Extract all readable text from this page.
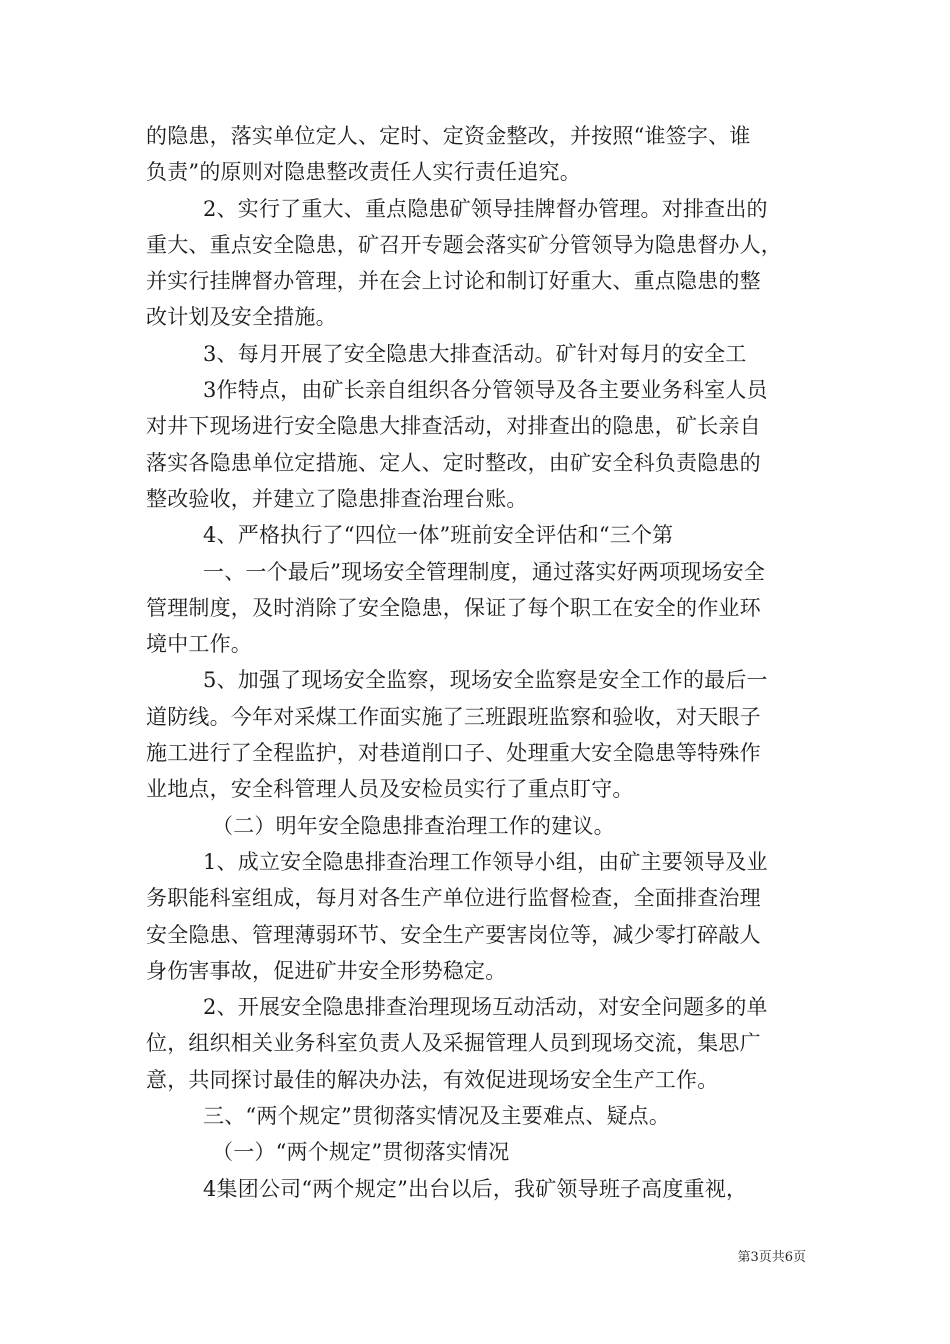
的隐患，落实单位定人、定时、定资金整改，并按照“谁签字、谁
负责”的原则对隐患整改责任人实行责任追究。
2、实行了重大、重点隐患矿领导挂牌督办管理。对排查出的
重大、重点安全隐患，矿召开专题会落实矿分管领导为隐患督办人，
并实行挂牌督办管理，并在会上讨论和制订好重大、重点隐患的整
改计划及安全措施。
3、每月开展了安全隐患大排查活动。矿针对每月的安全工
3作特点，由矿长亲自组织各分管领导及各主要业务科室人员
对井下现场进行安全隐患大排查活动，对排查出的隐患，矿长亲自
落实各隐患单位定措施、定人、定时整改，由矿安全科负责隐患的
整改验收，并建立了隐患排查治理台账。
4、严格执行了“四位一体”班前安全评估和“三个第
一、一个最后”现场安全管理制度，通过落实好两项现场安全
管理制度，及时消除了安全隐患，保证了每个职工在安全的作业环
境中工作。
5、加强了现场安全监察，现场安全监察是安全工作的最后一
道防线。今年对采煤工作面实施了三班跟班监察和验收，对天眼子
施工进行了全程监护，对巷道削口子、处理重大安全隐患等特殊作
业地点，安全科管理人员及安检员实行了重点盯守。
（二）明年安全隐患排查治理工作的建议。
1、成立安全隐患排查治理工作领导小组，由矿主要领导及业
务职能科室组成，每月对各生产单位进行监督检查，全面排查治理
安全隐患、管理薄弱环节、安全生产要害岗位等，减少零打碎敲人
身伤害事故，促进矿井安全形势稳定。
2、开展安全隐患排查治理现场互动活动，对安全问题多的单
位，组织相关业务科室负责人及采掘管理人员到现场交流，集思广
意，共同探讨最佳的解决办法，有效促进现场安全生产工作。
三、“两个规定”贯彻落实情况及主要难点、疑点。
（一）“两个规定”贯彻落实情况
4集团公司“两个规定”出台以后，我矿领导班子高度重视，
第3页共6页
